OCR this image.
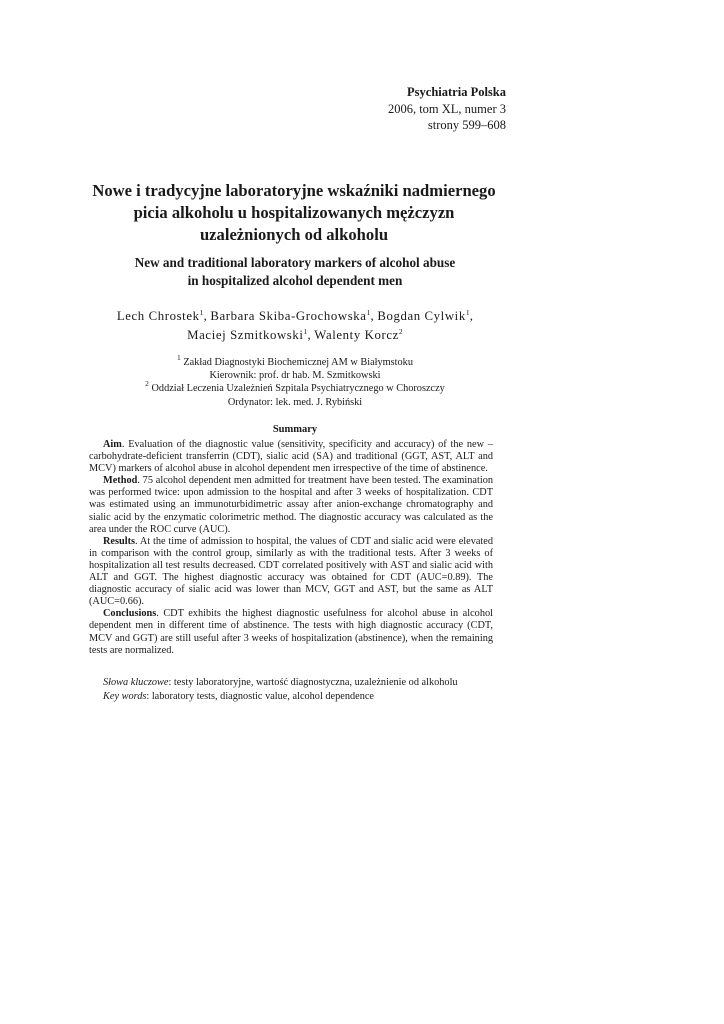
Psychiatria Polska
2006, tom XL, numer 3
strony 599–608
Nowe i tradycyjne laboratoryjne wskaźniki nadmiernego
picia alkoholu u hospitalizowanych mężczyzn
uzależnionych od alkoholu
New and traditional laboratory markers of alcohol abuse
in hospitalized alcohol dependent men
Lech Chrostek$^1$, Barbara Skiba-Grochowska$^1$, Bogdan Cylwik$^1$,
Maciej Szmitkowski$^1$, Walenty Korcz$^2$
$^1$ Zakład Diagnostyki Biochemicznej AM w Białymstoku
Kierownik: prof. dr hab. M. Szmitkowski
$^2$ Oddział Leczenia Uzależnień Szpitala Psychiatrycznego w Choroszczy
Ordynator: lek. med. J. Rybiński
Summary

Aim. Evaluation of the diagnostic value (sensitivity, specificity and accuracy) of the new –carbohydrate-deficient transferrin (CDT), sialic acid (SA) and traditional (GGT, AST, ALT and MCV) markers of alcohol abuse in alcohol dependent men irrespective of the time of abstinence.

Method. 75 alcohol dependent men admitted for treatment have been tested. The examination was performed twice: upon admission to the hospital and after 3 weeks of hospitalization. CDT was estimated using an immunoturbidimetric assay after anion-exchange chromatography and sialic acid by the enzymatic colorimetric method. The diagnostic accuracy was calculated as the area under the ROC curve (AUC).

Results. At the time of admission to hospital, the values of CDT and sialic acid were elevated in comparison with the control group, similarly as with the traditional tests. After 3 weeks of hospitalization all test results decreased. CDT correlated positively with AST and sialic acid with ALT and GGT. The highest diagnostic accuracy was obtained for CDT (AUC=0.89). The diagnostic accuracy of sialic acid was lower than MCV, GGT and AST, but the same as ALT (AUC=0.66).

Conclusions. CDT exhibits the highest diagnostic usefulness for alcohol abuse in alcohol dependent men in different time of abstinence. The tests with high diagnostic accuracy (CDT, MCV and GGT) are still useful after 3 weeks of hospitalization (abstinence), when the remaining tests are normalized.

Słowa kluczowe: testy laboratoryjne, wartość diagnostyczna, uzależnienie od alkoholu

Key words: laboratory tests, diagnostic value, alcohol dependence
